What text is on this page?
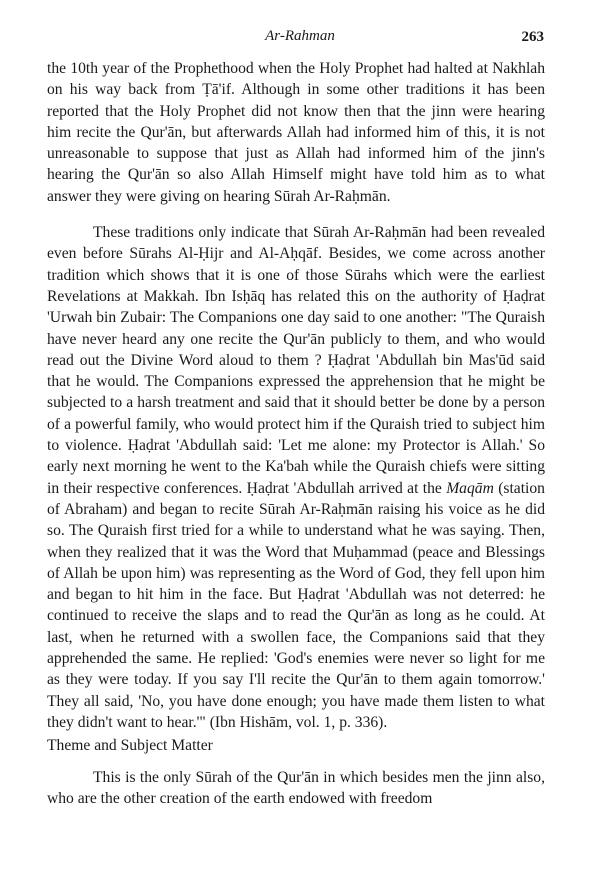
Ar-Rahman	263

the 10th year of the Prophethood when the Holy Prophet had halted at Nakhlah on his way back from Ṭā'if. Although in some other traditions it has been reported that the Holy Prophet did not know then that the jinn were hearing him recite the Qur'ān, but afterwards Allah had informed him of this, it is not unreasonable to suppose that just as Allah had informed him of the jinn's hearing the Qur'ān so also Allah Himself might have told him as to what answer they were giving on hearing Sūrah Ar-Raḥmān.

These traditions only indicate that Sūrah Ar-Raḥmān had been revealed even before Sūrahs Al-Ḥijr and Al-Aḥqāf. Besides, we come across another tradition which shows that it is one of those Sūrahs which were the earliest Revelations at Makkah. Ibn Isḥāq has related this on the authority of Ḥaḍrat 'Urwah bin Zubair: The Companions one day said to one another: "The Quraish have never heard any one recite the Qur'ān publicly to them, and who would read out the Divine Word aloud to them ? Ḥaḍrat 'Abdullah bin Mas'ūd said that he would. The Companions expressed the apprehension that he might be subjected to a harsh treatment and said that it should better be done by a person of a powerful family, who would protect him if the Quraish tried to subject him to violence. Ḥaḍrat 'Abdullah said: 'Let me alone: my Protector is Allah.' So early next morning he went to the Ka'bah while the Quraish chiefs were sitting in their respective conferences. Ḥaḍrat 'Abdullah arrived at the Maqām (station of Abraham) and began to recite Sūrah Ar-Raḥmān raising his voice as he did so. The Quraish first tried for a while to understand what he was saying. Then, when they realized that it was the Word that Muḥammad (peace and Blessings of Allah be upon him) was representing as the Word of God, they fell upon him and began to hit him in the face. But Ḥaḍrat 'Abdullah was not deterred: he continued to receive the slaps and to read the Qur'ān as long as he could. At last, when he returned with a swollen face, the Companions said that they apprehended the same. He replied: 'God's enemies were never so light for me as they were today. If you say I'll recite the Qur'ān to them again tomorrow.' They all said, 'No, you have done enough; you have made them listen to what they didn't want to hear.'" (Ibn Hishām, vol. 1, p. 336).

Theme and Subject Matter

This is the only Sūrah of the Qur'ān in which besides men the jinn also, who are the other creation of the earth endowed with freedom
